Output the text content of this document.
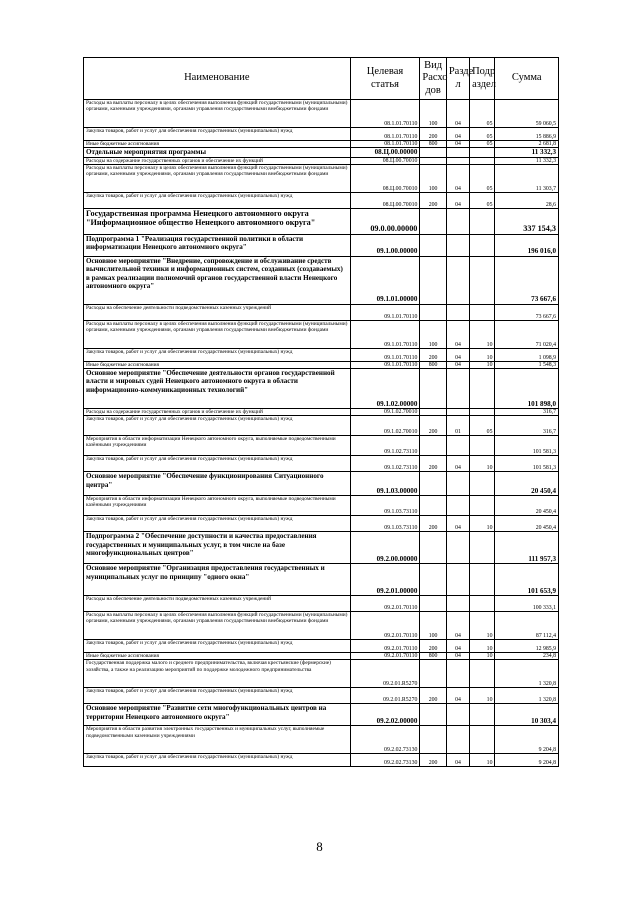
Наименование	Целевая статья	Вид Расхо дов	Разде л	Подр аздел	Сумма
Расходы на выплаты персоналу в целях обеспечения выполнения функций государственными (муниципальными) органами, казенными учреждениями, органами управления государственными внебюджетными фондами	08.1.01.70110	100	04	05	59 060,5
Закупка товаров, работ и услуг для обеспечения государственных (муниципальных) нужд	08.1.01.70110	200	04	05	15 886,9
Иные бюджетные ассигнования	08.1.01.70110	800	04	05	2 681,8
Отдельные мероприятия программы	08.Ц.00.00000				11 332,3
Расходы на содержание государственных органов и обеспечение их функций	08.Ц.00.70010				11 332,3
Расходы на выплаты персоналу в целях обеспечения выполнения функций государственными (муниципальными) органами, казенными учреждениями, органами управления государственными внебюджетными фондами	08.Ц.00.70010	100	04	05	11 303,7
Закупка товаров, работ и услуг для обеспечения государственных (муниципальных) нужд	08.Ц.00.70010	200	04	05	28,6
Государственная программа Ненецкого автономного округа "Информационное общество Ненецкого автономного округа"	09.0.00.00000				337 154,3
Подпрограмма 1 "Реализация государственной политики в области информатизации Ненецкого автономного округа"	09.1.00.00000				196 016,0
Основное мероприятие "Внедрение, сопровождение и обслуживание средств вычислительной техники и информационных систем, созданных (создаваемых) в рамках реализации полномочий органов государственной власти Ненецкого автономного округа"	09.1.01.00000				73 667,6
Расходы на обеспечение деятельности подведомственных казенных учреждений	09.1.01.70110				73 667,6
Расходы на выплаты персоналу в целях обеспечения выполнения функций государственными (муниципальными) органами, казенными учреждениями, органами управления государственными внебюджетными фондами	09.1.01.70110	100	04	10	71 020,4
Закупка товаров, работ и услуг для обеспечения государственных (муниципальных) нужд	09.1.01.70110	200	04	10	1 098,9
Иные бюджетные ассигнования	09.1.01.70110	800	04	10	1 548,3
Основное мероприятие "Обеспечение деятельности органов государственной власти и мировых судей Ненецкого автономного округа в области информационно-коммуникационных технологий"	09.1.02.00000				101 898,0
Расходы на содержание государственных органов и обеспечение их функций	09.1.02.70010				316,7
Закупка товаров, работ и услуг для обеспечения государственных (муниципальных) нужд	09.1.02.70010	200	01	05	316,7
Мероприятия в области информатизации Ненецкого автономного округа, выполняемые подведомственными казёнными учреждениями	09.1.02.73110				101 581,3
Закупка товаров, работ и услуг для обеспечения государственных (муниципальных) нужд	09.1.02.73110	200	04	10	101 581,3
Основное мероприятие "Обеспечение функционирования Ситуационного центра"	09.1.03.00000				20 450,4
Мероприятия в области информатизации Ненецкого автономного округа, выполняемые подведомственными казёнными учреждениями	09.1.03.73110				20 450,4
Закупка товаров, работ и услуг для обеспечения государственных (муниципальных) нужд	09.1.03.73110	200	04	10	20 450,4
Подпрограмма 2 "Обеспечение доступности и качества предоставления государственных и муниципальных услуг, в том числе на базе многофункциональных центров"	09.2.00.00000				111 957,3
Основное мероприятие "Организация предоставления государственных и муниципальных услуг по принципу "одного окна"	09.2.01.00000				101 653,9
Расходы на обеспечение деятельности подведомственных казенных учреждений	09.2.01.70110				100 333,1
Расходы на выплаты персоналу в целях обеспечения выполнения функций государственными (муниципальными) органами, казенными учреждениями, органами управления государственными внебюджетными фондами	09.2.01.70110	100	04	10	87 112,4
Закупка товаров, работ и услуг для обеспечения государственных (муниципальных) нужд	09.2.01.70110	200	04	10	12 985,9
Иные бюджетные ассигнования	09.2.01.70110	800	04	10	234,8
Государственная поддержка малого и среднего предпринимательства, включая крестьянские (фермерские) хозяйства, а также на реализацию мероприятий по поддержке молодежного предпринимательства	09.2.01.R5270				1 320,8
Закупка товаров, работ и услуг для обеспечения государственных (муниципальных) нужд	09.2.01.R5270	200	04	10	1 320,8
Основное мероприятие "Развитие сети многофункциональных центров на территории Ненецкого автономного округа"	09.2.02.00000				10 303,4
Мероприятия в области развития электронных государственных и муниципальных услуг, выполняемые подведомственными казенными учреждениями	09.2.02.73130				9 204,8
Закупка товаров, работ и услуг для обеспечения государственных (муниципальных) нужд	09.2.02.73130	200	04	10	9 204,8
8
